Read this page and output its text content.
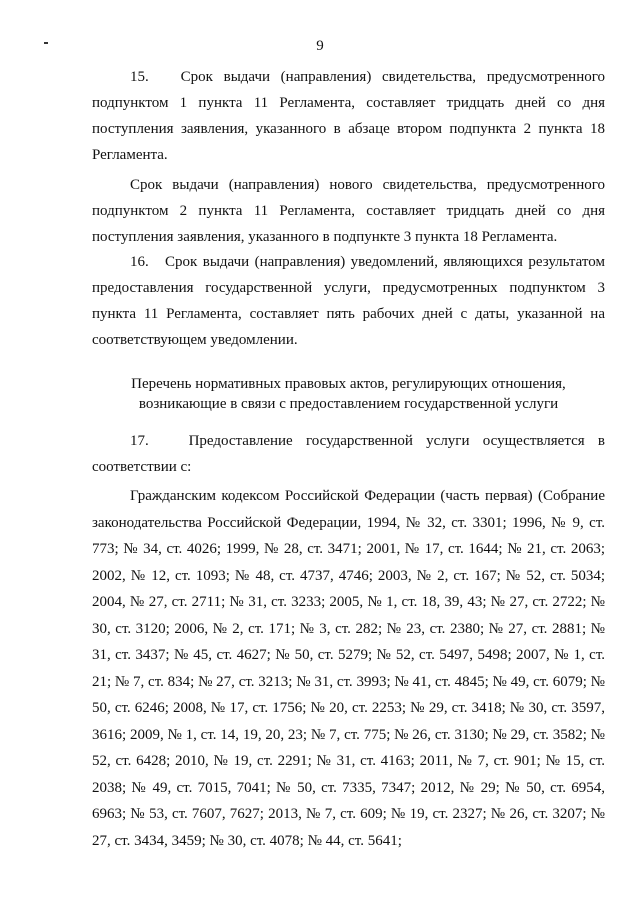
9

15.   Срок выдачи (направления) свидетельства, предусмотренного подпунктом 1 пункта 11 Регламента, составляет тридцать дней со дня поступления заявления, указанного в абзаце втором подпункта 2 пункта 18 Регламента.

Срок выдачи (направления) нового свидетельства, предусмотренного подпунктом 2 пункта 11 Регламента, составляет тридцать дней со дня поступления заявления, указанного в подпункте 3 пункта 18 Регламента.

16.   Срок выдачи (направления) уведомлений, являющихся результатом предоставления государственной услуги, предусмотренных подпунктом 3 пункта 11 Регламента, составляет пять рабочих дней с даты, указанной на соответствующем уведомлении.

Перечень нормативных правовых актов, регулирующих отношения,
возникающие в связи с предоставлением государственной услуги

17.   Предоставление государственной услуги осуществляется в соответствии с:

Гражданским кодексом Российской Федерации (часть первая) (Собрание законодательства Российской Федерации, 1994, № 32, ст. 3301; 1996, № 9, ст. 773; № 34, ст. 4026; 1999, № 28, ст. 3471; 2001, № 17, ст. 1644; № 21, ст. 2063; 2002, № 12, ст. 1093; № 48, ст. 4737, 4746; 2003, № 2, ст. 167; № 52, ст. 5034; 2004, № 27, ст. 2711; № 31, ст. 3233; 2005, № 1, ст. 18, 39, 43; № 27, ст. 2722; № 30, ст. 3120; 2006, № 2, ст. 171; № 3, ст. 282; № 23, ст. 2380; № 27, ст. 2881; № 31, ст. 3437; № 45, ст. 4627; № 50, ст. 5279; № 52, ст. 5497, 5498; 2007, № 1, ст. 21; № 7, ст. 834; № 27, ст. 3213; № 31, ст. 3993; № 41, ст. 4845; № 49, ст. 6079; № 50, ст. 6246; 2008, № 17, ст. 1756; № 20, ст. 2253; № 29, ст. 3418; № 30, ст. 3597, 3616; 2009, № 1, ст. 14, 19, 20, 23; № 7, ст. 775; № 26, ст. 3130; № 29, ст. 3582; № 52, ст. 6428; 2010, № 19, ст. 2291; № 31, ст. 4163; 2011, № 7, ст. 901; № 15, ст. 2038; № 49, ст. 7015, 7041; № 50, ст. 7335, 7347; 2012, № 29; № 50, ст. 6954, 6963; № 53, ст. 7607, 7627; 2013, № 7, ст. 609; № 19, ст. 2327; № 26, ст. 3207; № 27, ст. 3434, 3459; № 30, ст. 4078; № 44, ст. 5641;
